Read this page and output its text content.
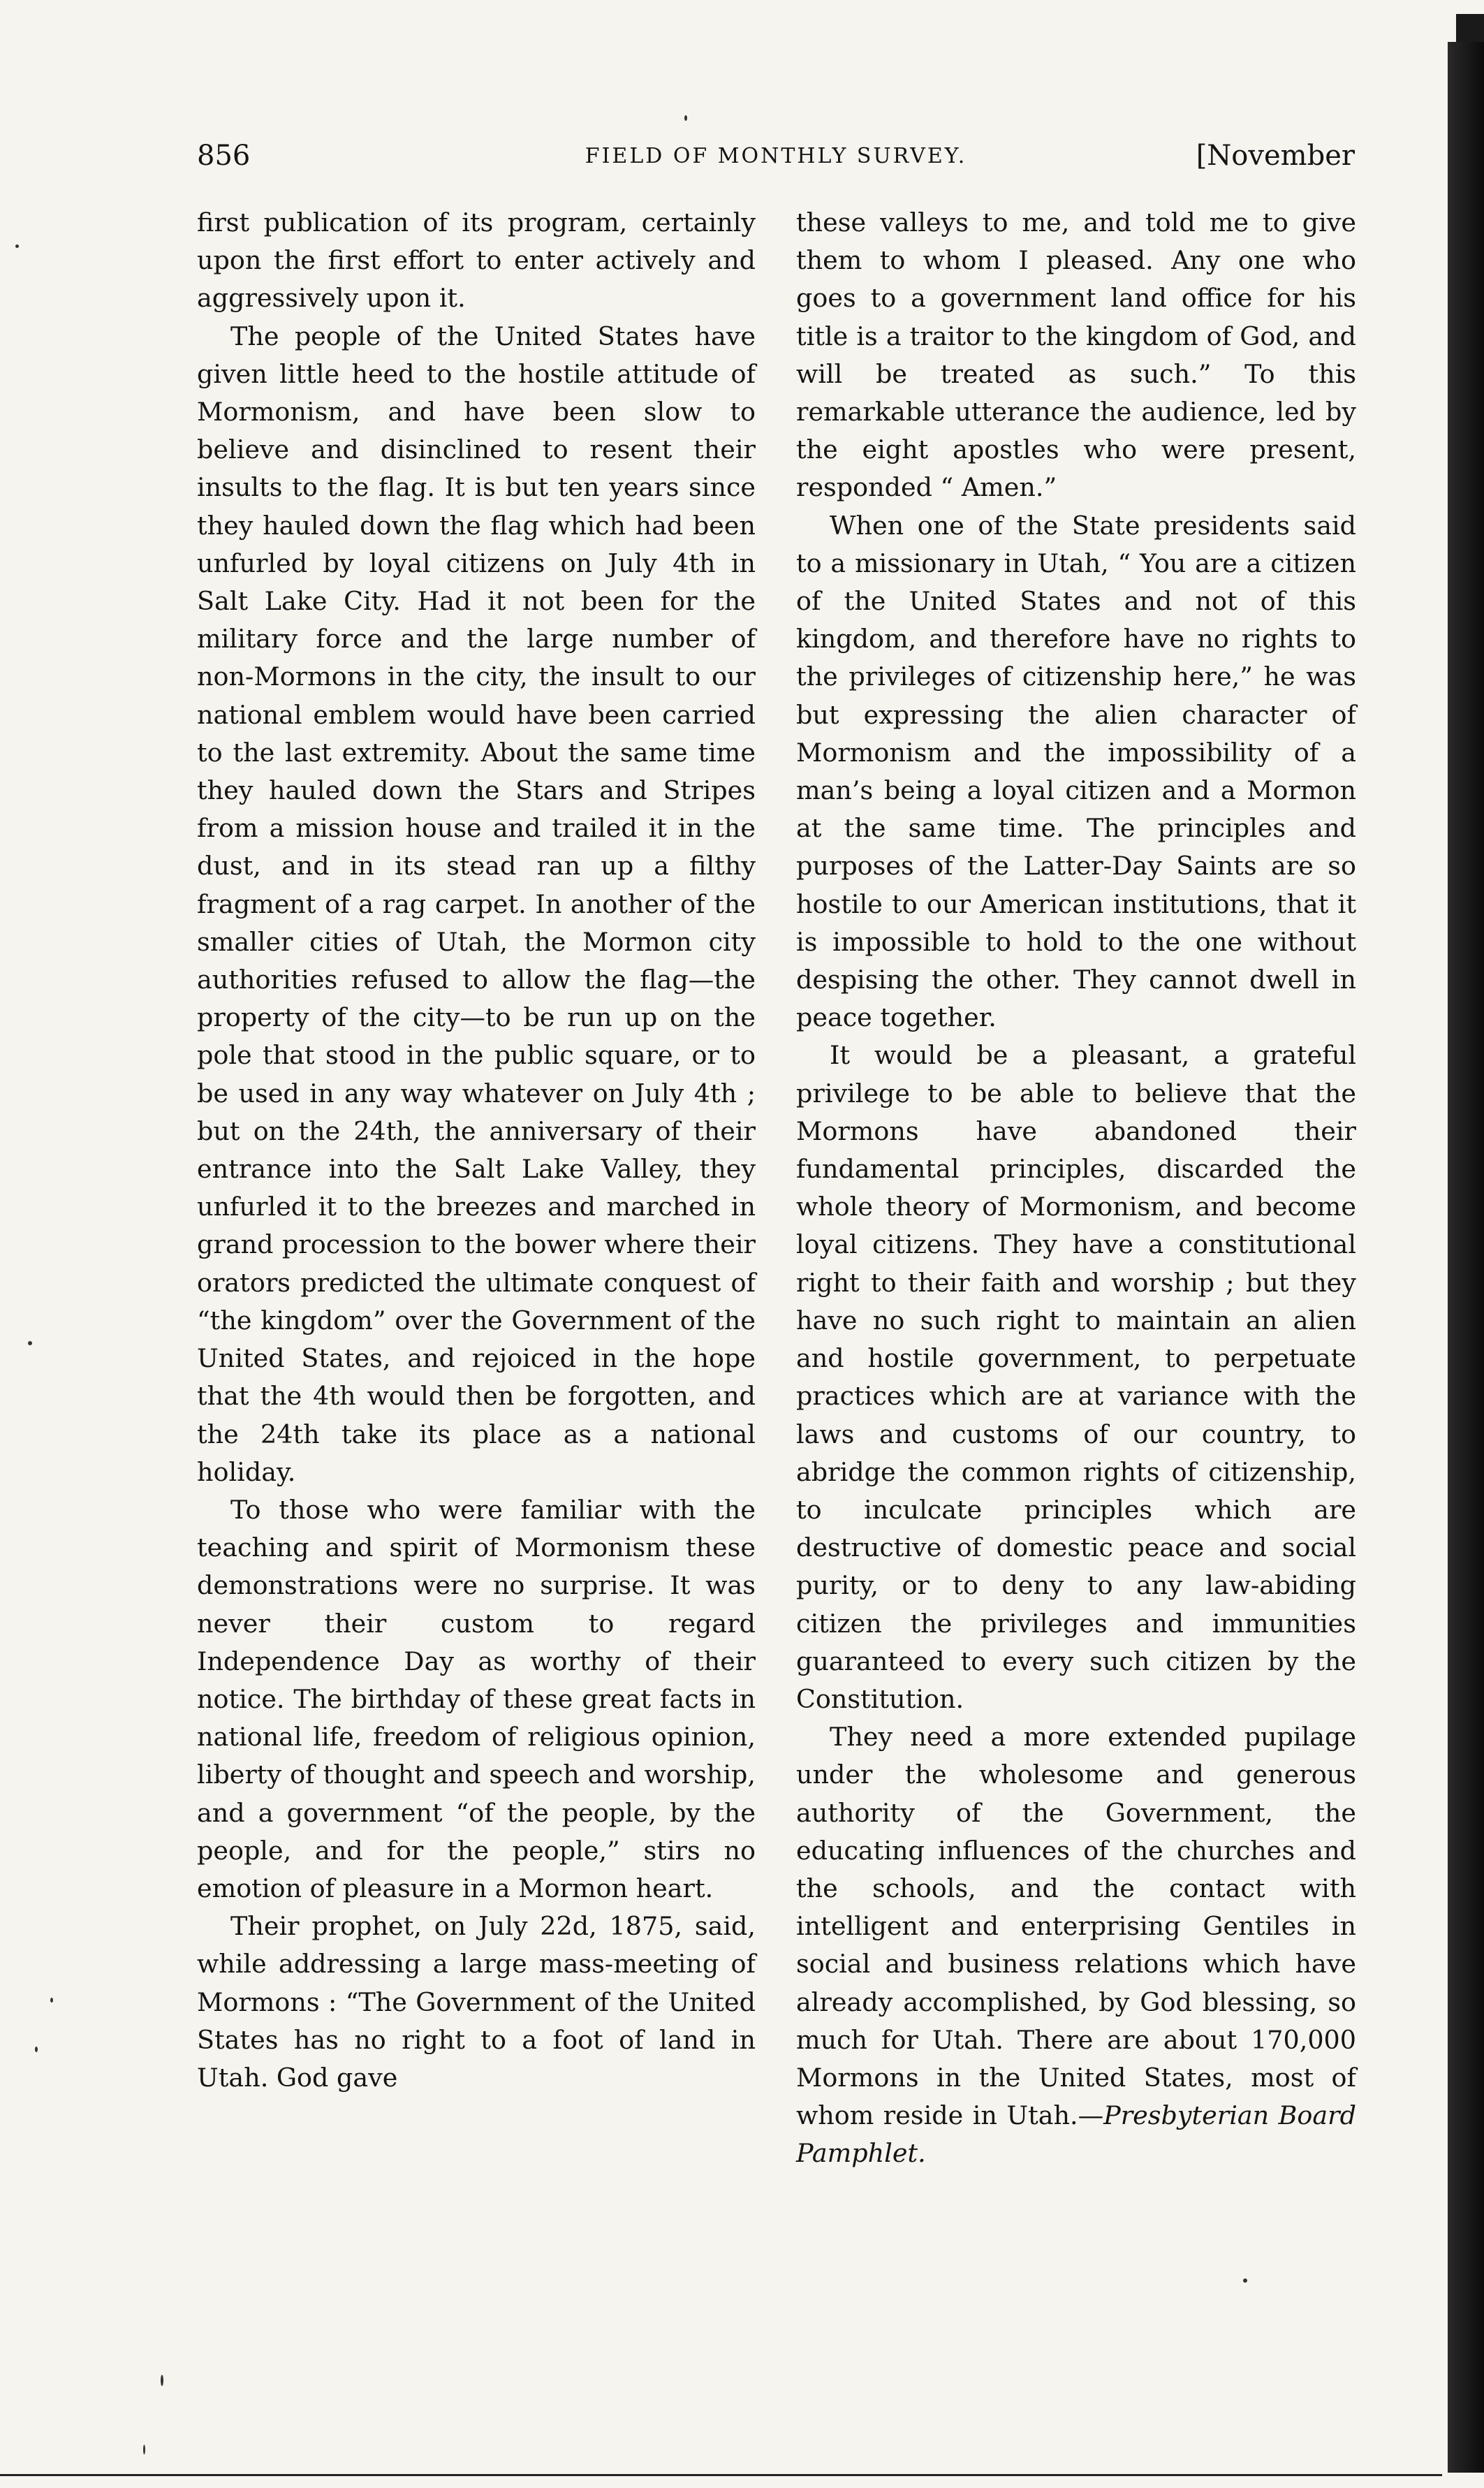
856	FIELD OF MONTHLY SURVEY.	[November

first publication of its program, certainly upon the first effort to enter actively and aggressively upon it.

The people of the United States have given little heed to the hostile attitude of Mormonism, and have been slow to believe and disinclined to resent their insults to the flag. It is but ten years since they hauled down the flag which had been unfurled by loyal citizens on July 4th in Salt Lake City. Had it not been for the military force and the large number of non-Mormons in the city, the insult to our national emblem would have been carried to the last extremity. About the same time they hauled down the Stars and Stripes from a mission house and trailed it in the dust, and in its stead ran up a filthy fragment of a rag carpet. In another of the smaller cities of Utah, the Mormon city authorities refused to allow the flag—the property of the city—to be run up on the pole that stood in the public square, or to be used in any way whatever on July 4th ; but on the 24th, the anniversary of their entrance into the Salt Lake Valley, they unfurled it to the breezes and marched in grand procession to the bower where their orators predicted the ultimate conquest of “the kingdom” over the Government of the United States, and rejoiced in the hope that the 4th would then be forgotten, and the 24th take its place as a national holiday.

To those who were familiar with the teaching and spirit of Mormonism these demonstrations were no surprise. It was never their custom to regard Independence Day as worthy of their notice. The birthday of these great facts in national life, freedom of religious opinion, liberty of thought and speech and worship, and a government “of the people, by the people, and for the people,” stirs no emotion of pleasure in a Mormon heart.

Their prophet, on July 22d, 1875, said, while addressing a large mass-meeting of Mormons : “The Government of the United States has no right to a foot of land in Utah. God gave

these valleys to me, and told me to give them to whom I pleased. Any one who goes to a government land office for his title is a traitor to the kingdom of God, and will be treated as such.” To this remarkable utterance the audience, led by the eight apostles who were present, responded “ Amen.”

When one of the State presidents said to a missionary in Utah, “ You are a citizen of the United States and not of this kingdom, and therefore have no rights to the privileges of citizenship here,” he was but expressing the alien character of Mormonism and the impossibility of a man’s being a loyal citizen and a Mormon at the same time. The principles and purposes of the Latter-Day Saints are so hostile to our American institutions, that it is impossible to hold to the one without despising the other. They cannot dwell in peace together.

It would be a pleasant, a grateful privilege to be able to believe that the Mormons have abandoned their fundamental principles, discarded the whole theory of Mormonism, and become loyal citizens. They have a constitutional right to their faith and worship ; but they have no such right to maintain an alien and hostile government, to perpetuate practices which are at variance with the laws and customs of our country, to abridge the common rights of citizenship, to inculcate principles which are destructive of domestic peace and social purity, or to deny to any law-abiding citizen the privileges and immunities guaranteed to every such citizen by the Constitution.

They need a more extended pupilage under the wholesome and generous authority of the Government, the educating influences of the churches and the schools, and the contact with intelligent and enterprising Gentiles in social and business relations which have already accomplished, by God blessing, so much for Utah. There are about 170,000 Mormons in the United States, most of whom reside in Utah.—Presbyterian Board Pamphlet.
